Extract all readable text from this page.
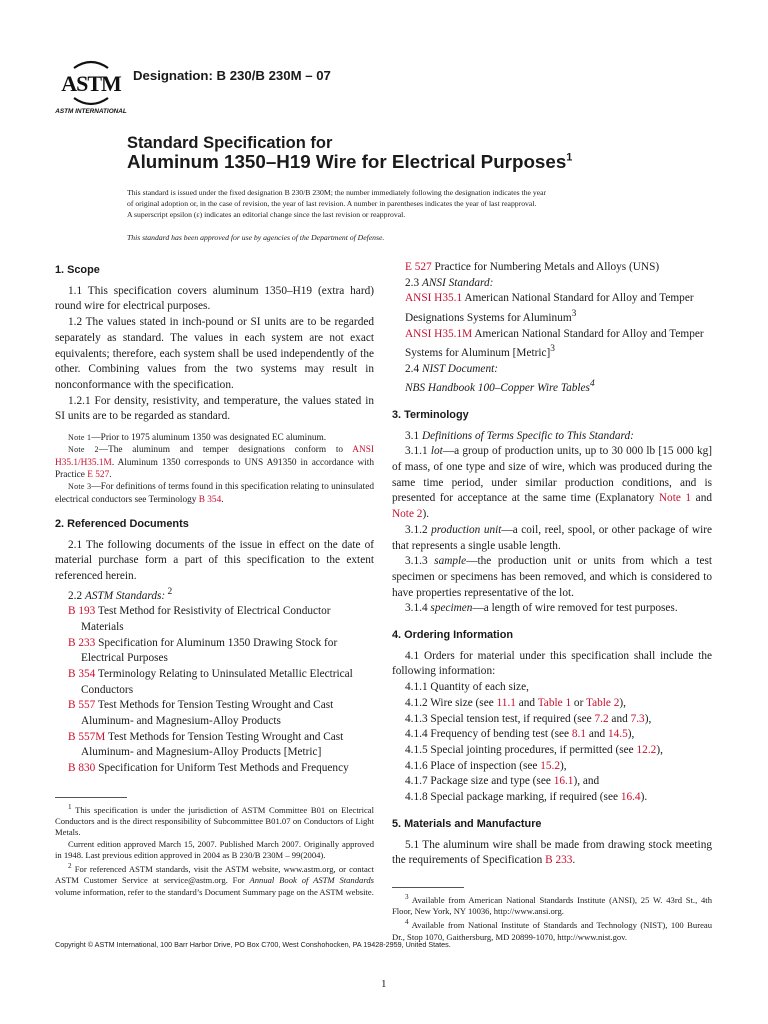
ASTM
ASTM INTERNATIONAL
Designation: B 230/B 230M – 07
Standard Specification for
Aluminum 1350–H19 Wire for Electrical Purposes$^1$

This standard is issued under the fixed designation B 230/B 230M; the number immediately following the designation indicates the year

of original adoption or, in the case of revision, the year of last revision. A number in parentheses indicates the year of last reapproval.

A superscript epsilon (ε) indicates an editorial change since the last revision or reapproval.

This standard has been approved for use by agencies of the Department of Defense.

1. Scope

1.1 This specification covers aluminum 1350–H19 (extra hard) round wire for electrical purposes.

1.2 The values stated in inch-pound or SI units are to be regarded separately as standard. The values in each system are not exact equivalents; therefore, each system shall be used independently of the other. Combining values from the two systems may result in nonconformance with the specification.

1.2.1 For density, resistivity, and temperature, the values stated in SI units are to be regarded as standard.

Note 1—Prior to 1975 aluminum 1350 was designated EC aluminum.

Note 2—The aluminum and temper designations conform to ANSI H35.1/H35.1M. Aluminum 1350 corresponds to UNS A91350 in accordance with Practice E 527.

Note 3—For definitions of terms found in this specification relating to uninsulated electrical conductors see Terminology B 354.

2. Referenced Documents

2.1 The following documents of the issue in effect on the date of material purchase form a part of this specification to the extent referenced herein.

2.2 ASTM Standards: $^2$

B 193 Test Method for Resistivity of Electrical Conductor Materials

B 233 Specification for Aluminum 1350 Drawing Stock for Electrical Purposes

B 354 Terminology Relating to Uninsulated Metallic Electrical Conductors

B 557 Test Methods for Tension Testing Wrought and Cast Aluminum- and Magnesium-Alloy Products

B 557M Test Methods for Tension Testing Wrought and Cast Aluminum- and Magnesium-Alloy Products [Metric]

B 830 Specification for Uniform Test Methods and Frequency

$^1$ This specification is under the jurisdiction of ASTM Committee B01 on Electrical Conductors and is the direct responsibility of Subcommittee B01.07 on Conductors of Light Metals.

Current edition approved March 15, 2007. Published March 2007. Originally approved in 1948. Last previous edition approved in 2004 as B 230/B 230M – 99(2004).

$^2$ For referenced ASTM standards, visit the ASTM website, www.astm.org, or contact ASTM Customer Service at service@astm.org. For Annual Book of ASTM Standards volume information, refer to the standard’s Document Summary page on the ASTM website.

E 527 Practice for Numbering Metals and Alloys (UNS)

2.3 ANSI Standard:

ANSI H35.1 American National Standard for Alloy and Temper Designations Systems for Aluminum$^3$

ANSI H35.1M American National Standard for Alloy and Temper Systems for Aluminum [Metric]$^3$

2.4 NIST Document:

NBS Handbook 100–Copper Wire Tables$^4$

3. Terminology

3.1 Definitions of Terms Specific to This Standard:

3.1.1 lot—a group of production units, up to 30 000 lb [15 000 kg] of mass, of one type and size of wire, which was produced during the same time period, under similar production conditions, and is presented for acceptance at the same time (Explanatory Note 1 and Note 2).

3.1.2 production unit—a coil, reel, spool, or other package of wire that represents a single usable length.

3.1.3 sample—the production unit or units from which a test specimen or specimens has been removed, and which is considered to have properties representative of the lot.

3.1.4 specimen—a length of wire removed for test purposes.

4. Ordering Information

4.1 Orders for material under this specification shall include the following information:

4.1.1 Quantity of each size,

4.1.2 Wire size (see 11.1 and Table 1 or Table 2),

4.1.3 Special tension test, if required (see 7.2 and 7.3),

4.1.4 Frequency of bending test (see 8.1 and 14.5),

4.1.5 Special jointing procedures, if permitted (see 12.2),

4.1.6 Place of inspection (see 15.2),

4.1.7 Package size and type (see 16.1), and

4.1.8 Special package marking, if required (see 16.4).

5. Materials and Manufacture

5.1 The aluminum wire shall be made from drawing stock meeting the requirements of Specification B 233.

$^3$ Available from American National Standards Institute (ANSI), 25 W. 43rd St., 4th Floor, New York, NY 10036, http://www.ansi.org.

$^4$ Available from National Institute of Standards and Technology (NIST), 100 Bureau Dr., Stop 1070, Gaithersburg, MD 20899-1070, http://www.nist.gov.

Copyright © ASTM International, 100 Barr Harbor Drive, PO Box C700, West Conshohocken, PA 19428-2959, United States.
1
